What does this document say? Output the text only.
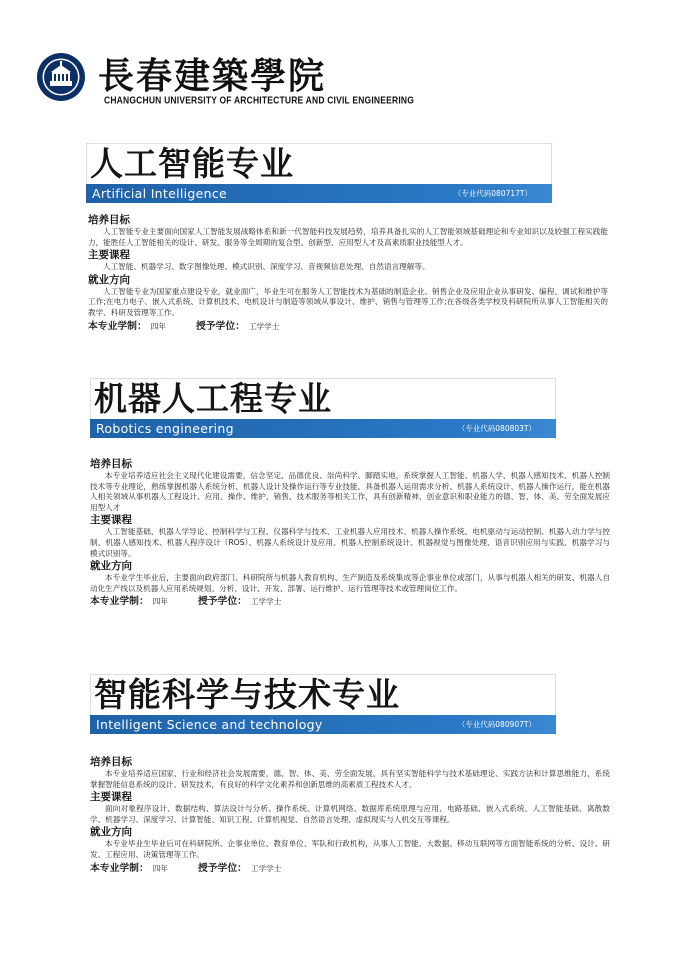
長春建築學院
CHANGCHUN UNIVERSITY OF ARCHITECTURE AND CIVIL ENGINEERING
人工智能专业
Artificial Intelligence	（专业代码080717T）
培养目标

人工智能专业主要面向国家人工智能发展战略体系和新一代智能科技发展趋势，培养具备扎实的人工智能领域基础理论和专业知识以及较强工程实践能力，能胜任人工智能相关的设计、研发、服务等全周期的复合型、创新型、应用型人才及高素质职业技能型人才。

主要课程

人工智能、机器学习、数字图像处理、模式识别、深度学习、音视频信息处理、自然语言理解等。

就业方向

人工智能专业为国家重点建设专业，就业面广，毕业生可在服务人工智能技术为基础的制造企业、销售企业及应用企业从事研发、编程、调试和维护等工作;在电力电子、嵌入式系统、计算机技术、电机设计与制造等领域从事设计、维护、销售与管理等工作;在各级各类学校及科研院所从事人工智能相关的教学、科研及管理等工作。

本专业学制： 四年	授予学位： 工学学士
机器人工程专业
Robotics engineering	（专业代码080803T）
培养目标

本专业培养适应社会主义现代化建设需要，信念坚定、品德优良、崇尚科学、脚踏实地，系统掌握人工智能、机器人学、机器人感知技术、机器人控制技术等专业理论，熟练掌握机器人系统分析、机器人设计及操作运行等专业技能，具备机器人运用需求分析、机器人系统设计、机器人操作运行，能在机器人相关领域从事机器人工程设计、应用、操作、维护、销售、技术服务等相关工作，具有创新精神、创业意识和职业能力的德、智、体、美、劳全面发展应用型人才

主要课程

人工智能基础、机器人学导论、控制科学与工程、仪器科学与技术、工业机器人应用技术、机器人操作系统、电机驱动与运动控制、机器人动力学与控制、机器人感知技术、机器人程序设计（ROS）、机器人系统设计及应用、机器人控制系统设计、机器视觉与图像处理、语音识别应用与实践、机器学习与模式识别等。

就业方向

本专业学生毕业后，主要面向政府部门、科研院所与机器人教育机构、生产制造及系统集成等企事业单位或部门，从事与机器人相关的研发、机器人自动化生产线以及机器人应用系统规划、分析、设计、开发、部署、运行维护、运行管理等技术或管理岗位工作。

本专业学制： 四年	授予学位： 工学学士
智能科学与技术专业
Intelligent Science and technology	（专业代码080907T）
培养目标

本专业培养适应国家、行业和经济社会发展需要，德、智、体、美、劳全面发展，具有坚实智能科学与技术基础理论、实践方法和计算思维能力，系统掌握智能信息系统的设计、研发技术，有良好的科学文化素养和创新思维的高素质工程技术人才。

主要课程

面向对象程序设计、数据结构、算法设计与分析、操作系统、计算机网络、数据库系统原理与应用、电路基础、嵌入式系统、人工智能基础、离散数学、机器学习、深度学习、计算智能、知识工程、计算机视觉、自然语言处理、虚拟现实与人机交互等课程。

就业方向

本专业毕业生毕业后可在科研院所、企事业单位、教育单位、军队和行政机构，从事人工智能、大数据、移动互联网等方面智能系统的分析、设计、研发、工程应用、决策管理等工作。

本专业学制： 四年	授予学位： 工学学士
